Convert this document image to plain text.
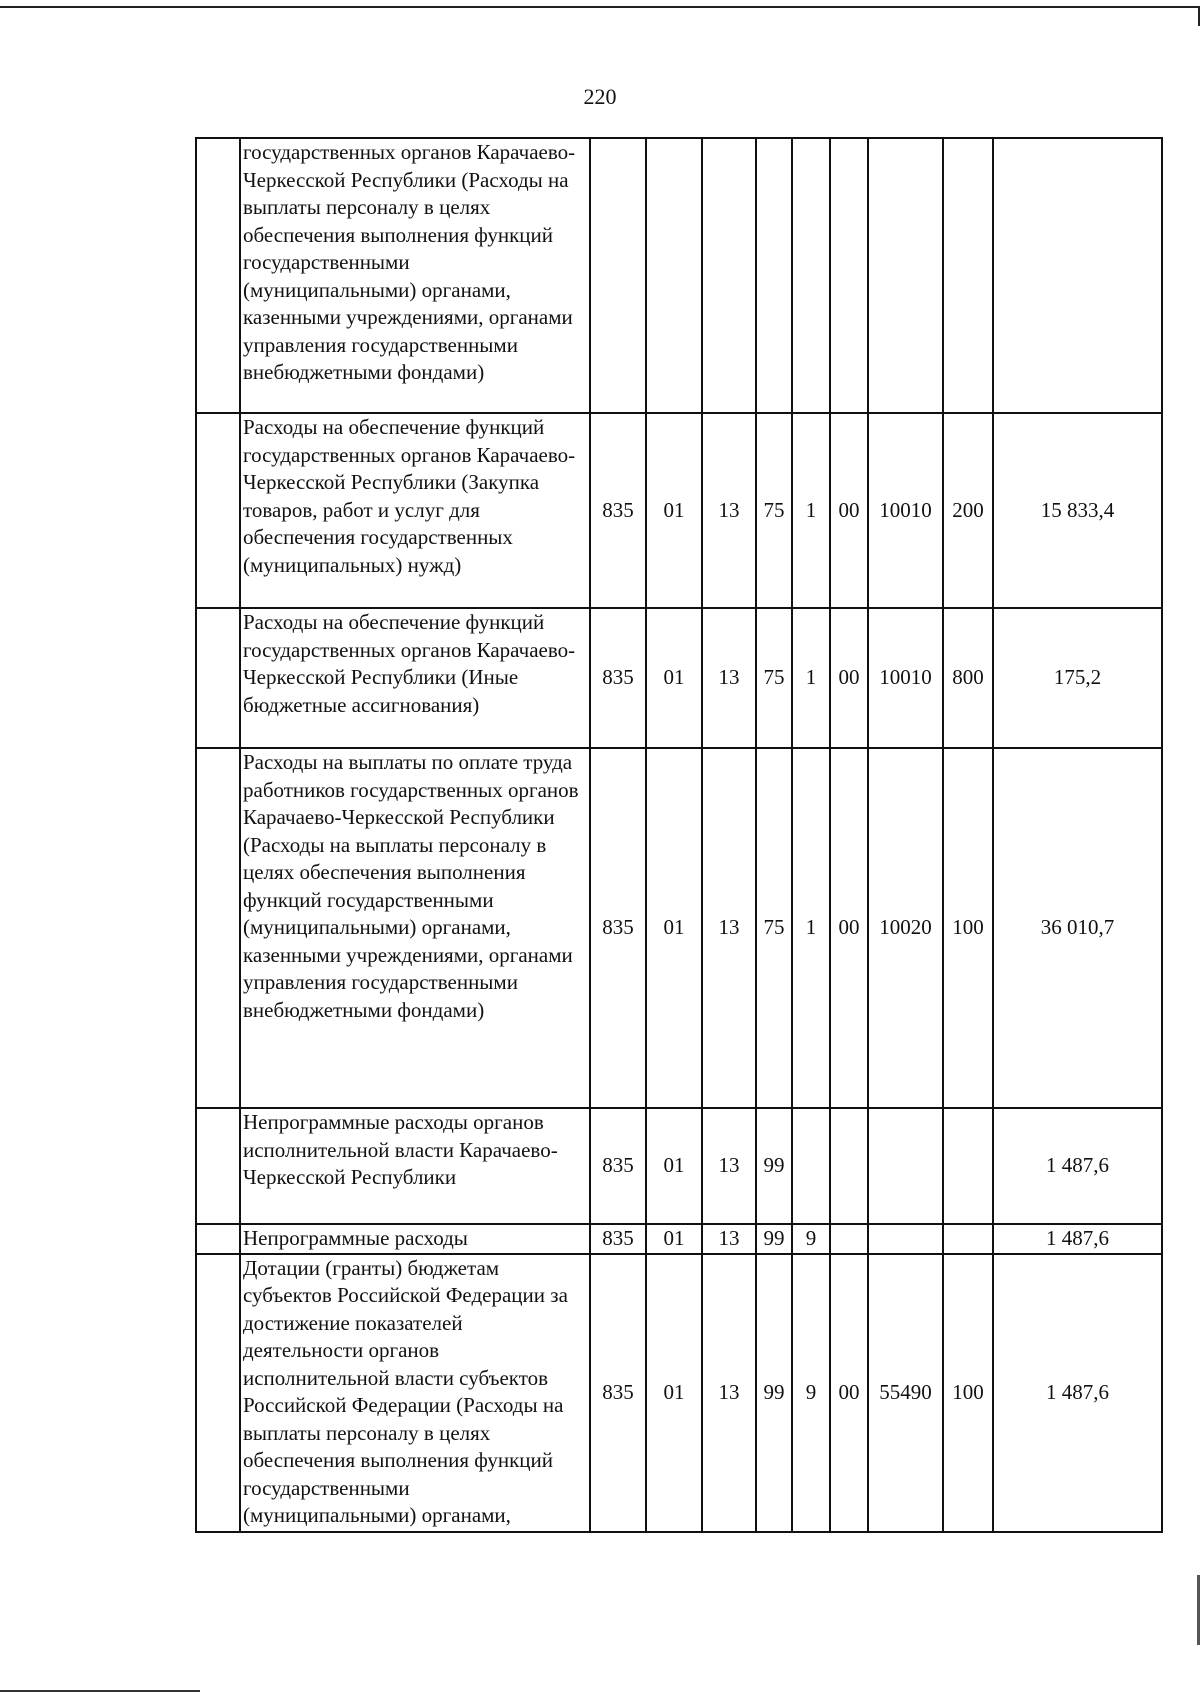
220
	государственных органов Карачаево-Черкесской Республики (Расходы на выплаты персоналу в целях обеспечения выполнения функций государственными (муниципальными) органами, казенными учреждениями, органами управления государственными внебюджетными фондами)									
	Расходы на обеспечение функций государственных органов Карачаево-Черкесской Республики (Закупка товаров, работ и услуг для обеспечения государственных (муниципальных) нужд)	835	01	13	75	1	00	10010	200	15 833,4
	Расходы на обеспечение функций государственных органов Карачаево-Черкесской Республики (Иные бюджетные ассигнования)	835	01	13	75	1	00	10010	800	175,2
	Расходы на выплаты по оплате труда работников государственных органов Карачаево-Черкесской Республики (Расходы на выплаты персоналу в целях обеспечения выполнения функций государственными (муниципальными) органами, казенными учреждениями, органами управления государственными внебюджетными фондами)	835	01	13	75	1	00	10020	100	36 010,7
	Непрограммные расходы органов исполнительной власти Карачаево-Черкесской Республики	835	01	13	99					1 487,6
	Непрограммные расходы	835	01	13	99	9				1 487,6
	Дотации (гранты) бюджетам субъектов Российской Федерации за достижение показателей деятельности органов исполнительной власти субъектов Российской Федерации (Расходы на выплаты персоналу в целях обеспечения выполнения функций государственными (муниципальными) органами,	835	01	13	99	9	00	55490	100	1 487,6
